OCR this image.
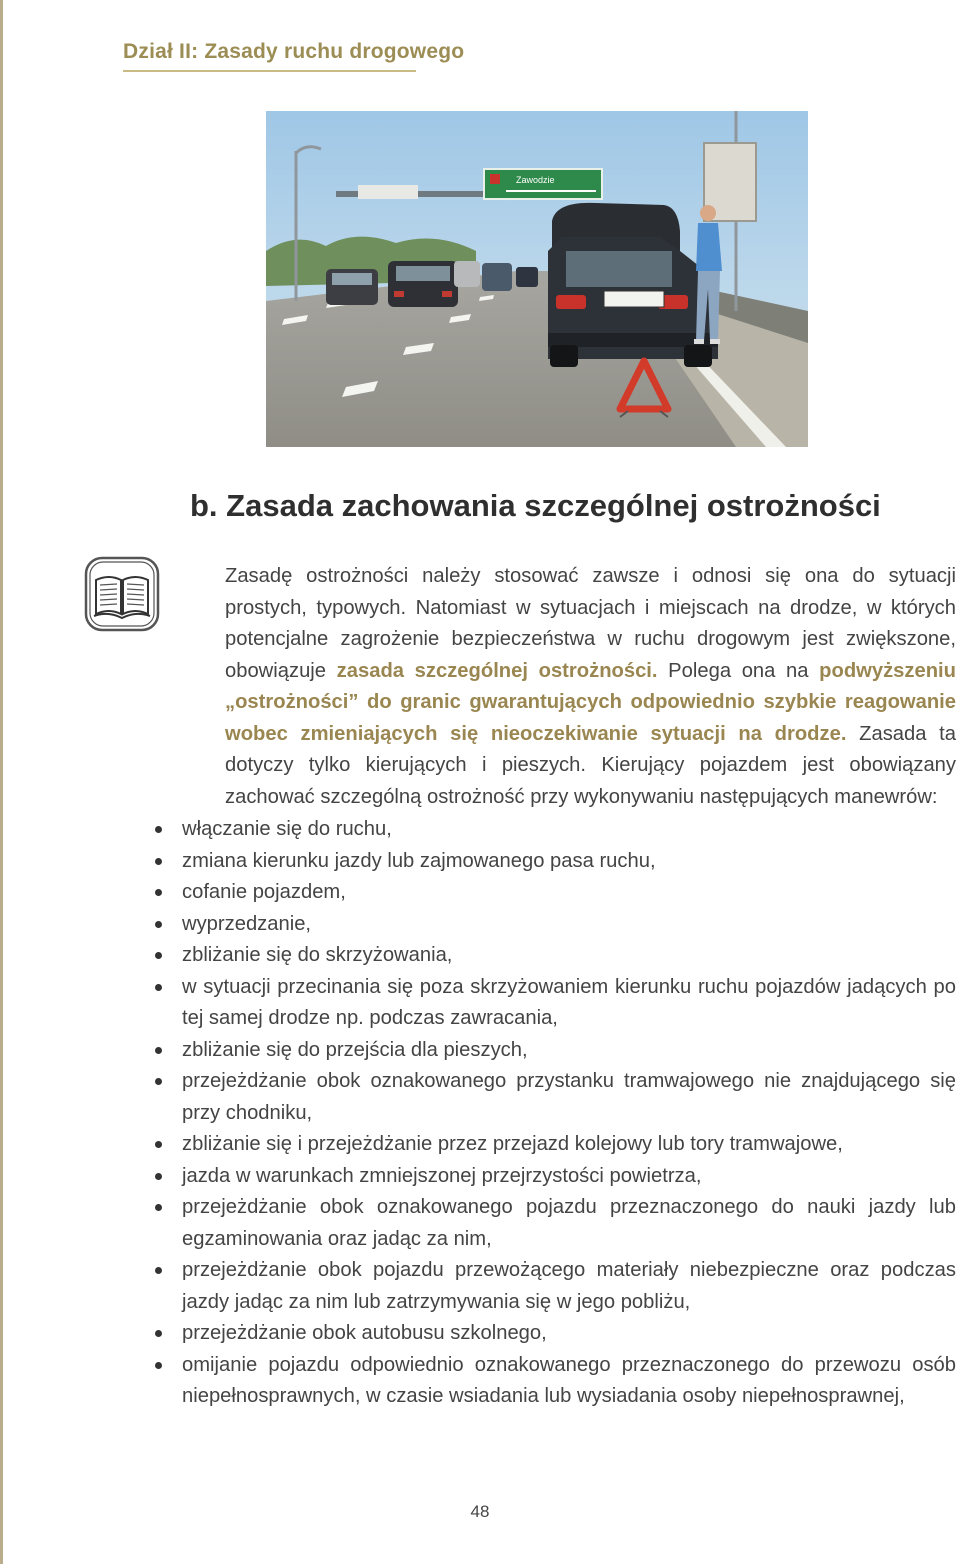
Dział II: Zasady ruchu drogowego
Zawodzie
b. Zasada zachowania szczególnej ostrożności
Zasadę ostrożności należy stosować zawsze i odnosi się ona do sytuacji prostych, typowych. Natomiast w sytuacjach i miejscach na drodze, w których potencjalne zagrożenie bezpieczeństwa w ruchu drogowym jest zwiększone, obowiązuje zasada szczególnej ostrożności. Polega ona na podwyższeniu „ostrożności” do granic gwarantujących odpowiednio szybkie reagowanie wobec zmieniających się nieoczekiwanie sytuacji na drodze. Zasada ta dotyczy tylko kierujących i pieszych. Kierujący pojazdem jest obowiązany zachować szczególną ostrożność przy wykonywaniu następujących manewrów:
włączanie się do ruchu,
zmiana kierunku jazdy lub zajmowanego pasa ruchu,
cofanie pojazdem,
wyprzedzanie,
zbliżanie się do skrzyżowania,
w sytuacji przecinania się poza skrzyżowaniem kierunku ruchu pojazdów jadących po tej samej drodze np. podczas zawracania,
zbliżanie się do przejścia dla pieszych,
przejeżdżanie obok oznakowanego przystanku tramwajowego nie znajdującego się przy chodniku,
zbliżanie się i przejeżdżanie przez przejazd kolejowy lub tory tramwajowe,
jazda w warunkach zmniejszonej przejrzystości powietrza,
przejeżdżanie obok oznakowanego pojazdu przeznaczonego do nauki jazdy lub egzaminowania oraz jadąc za nim,
przejeżdżanie obok pojazdu przewożącego materiały niebezpieczne oraz podczas jazdy jadąc za nim lub zatrzymywania się w jego pobliżu,
przejeżdżanie obok autobusu szkolnego,
omijanie pojazdu odpowiednio oznakowanego przeznaczonego do przewozu osób niepełnosprawnych, w czasie wsiadania lub wysiadania osoby niepełnosprawnej,
48
